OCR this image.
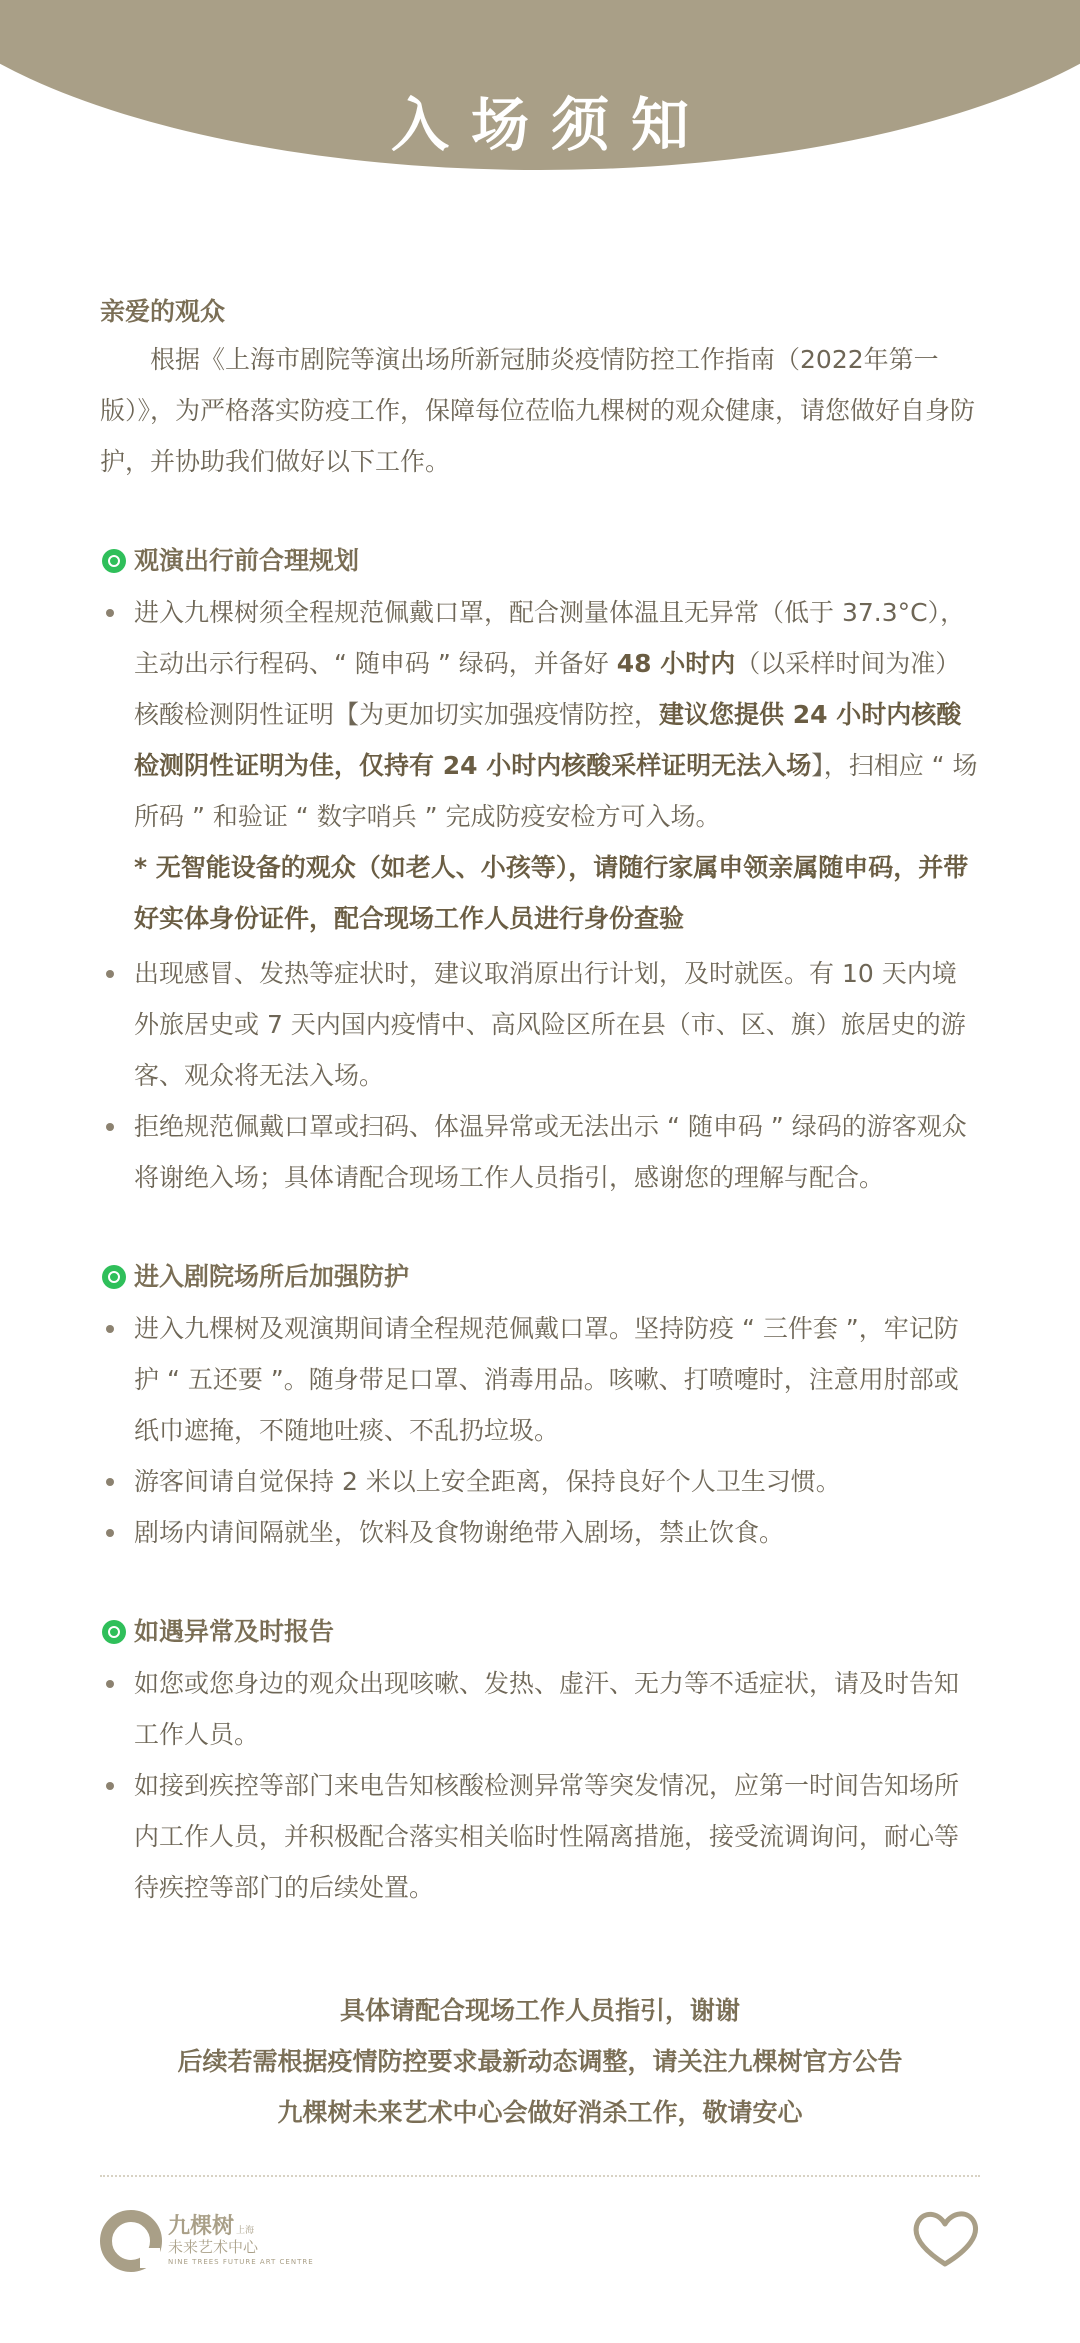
入场须知
亲爱的观众

根据《上海市剧院等演出场所新冠肺炎疫情防控工作指南（2022年第一版）》，为严格落实防疫工作，保障每位莅临九棵树的观众健康，请您做好自身防护，并协助我们做好以下工作。

观演出行前合理规划
进入九棵树须全程规范佩戴口罩，配合测量体温且无异常（低于 37.3°C），主动出示行程码、“ 随申码 ” 绿码，并备好 48 小时内（以采样时间为准）核酸检测阴性证明【为更加切实加强疫情防控，建议您提供 24 小时内核酸检测阴性证明为佳，仅持有 24 小时内核酸采样证明无法入场】，扫相应 “ 场所码 ” 和验证 “ 数字哨兵 ” 完成防疫安检方可入场。
* 无智能设备的观众（如老人、小孩等），请随行家属申领亲属随申码，并带好实体身份证件，配合现场工作人员进行身份查验
出现感冒、发热等症状时，建议取消原出行计划，及时就医。有 10 天内境外旅居史或 7 天内国内疫情中、高风险区所在县（市、区、旗）旅居史的游客、观众将无法入场。
拒绝规范佩戴口罩或扫码、体温异常或无法出示 “ 随申码 ” 绿码的游客观众将谢绝入场；具体请配合现场工作人员指引，感谢您的理解与配合。
进入剧院场所后加强防护
进入九棵树及观演期间请全程规范佩戴口罩。坚持防疫 “ 三件套 ”，牢记防护 “ 五还要 ”。随身带足口罩、消毒用品。咳嗽、打喷嚏时，注意用肘部或纸巾遮掩，不随地吐痰、不乱扔垃圾。
游客间请自觉保持 2 米以上安全距离，保持良好个人卫生习惯。
剧场内请间隔就坐，饮料及食物谢绝带入剧场，禁止饮食。
如遇异常及时报告
如您或您身边的观众出现咳嗽、发热、虚汗、无力等不适症状，请及时告知工作人员。
如接到疾控等部门来电告知核酸检测异常等突发情况，应第一时间告知场所内工作人员，并积极配合落实相关临时性隔离措施，接受流调询问，耐心等待疾控等部门的后续处置。
具体请配合现场工作人员指引，谢谢
后续若需根据疫情防控要求最新动态调整，请关注九棵树官方公告
九棵树未来艺术中心会做好消杀工作，敬请安心
九棵树 上海
未来艺术中心
NINE TREES FUTURE ART CENTRE
